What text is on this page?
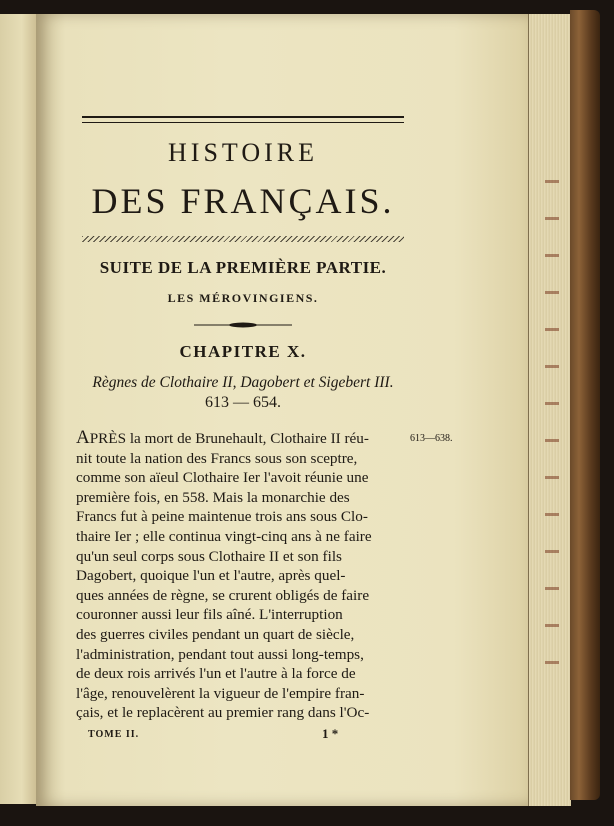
HISTOIRE
DES FRANÇAIS.
SUITE DE LA PREMIÈRE PARTIE.
LES MÉROVINGIENS.
CHAPITRE X.
Règnes de Clothaire II, Dagobert et Sigebert III.
613 — 654.
613—638.
APRÈS la mort de Brunehault, Clothaire II réu-
nit toute la nation des Francs sous son sceptre,
comme son aïeul Clothaire Ier l'avoit réunie une
première fois, en 558. Mais la monarchie des
Francs fut à peine maintenue trois ans sous Clo-
thaire Ier ; elle continua vingt-cinq ans à ne faire
qu'un seul corps sous Clothaire II et son fils
Dagobert, quoique l'un et l'autre, après quel-
ques années de règne, se crurent obligés de faire
couronner aussi leur fils aîné. L'interruption
des guerres civiles pendant un quart de siècle,
l'administration, pendant tout aussi long-temps,
de deux rois arrivés l'un et l'autre à la force de
l'âge, renouvelèrent la vigueur de l'empire fran-
çais, et le replacèrent au premier rang dans l'Oc-
TOME II.	1 *
